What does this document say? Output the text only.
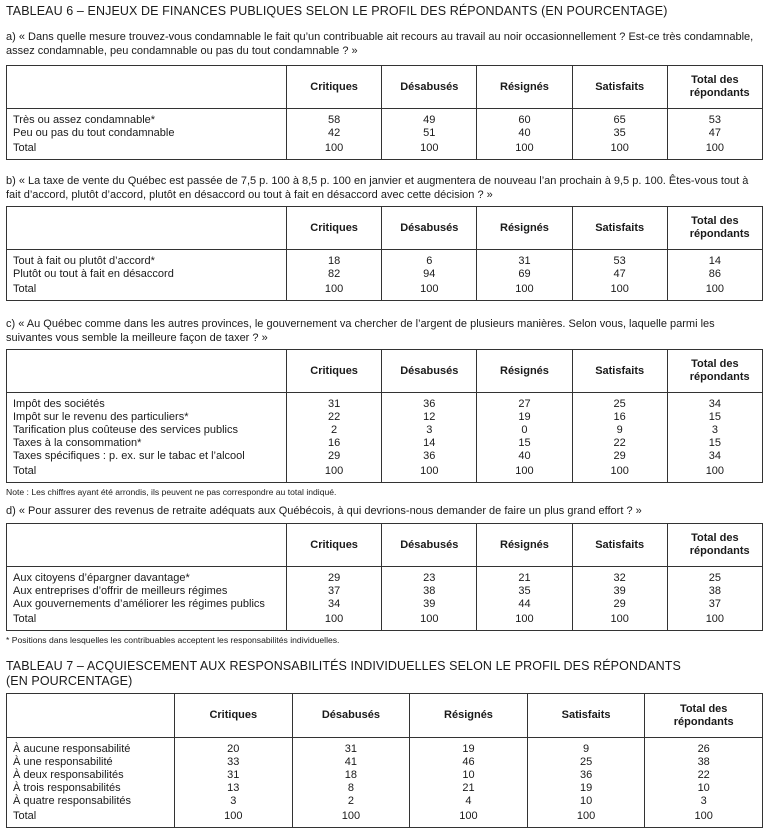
TABLEAU 6 – ENJEUX DE FINANCES PUBLIQUES SELON LE PROFIL DES RÉPONDANTS (EN POURCENTAGE)
a) « Dans quelle mesure trouvez-vous condamnable le fait qu’un contribuable ait recours au travail au noir occasionnellement ? Est-ce très condamnable, assez condamnable, peu condamnable ou pas du tout condamnable ? »
	Critiques	Désabusés	Résignés	Satisfaits	Total des répondants
Très ou assez condamnable*	58	49	60	65	53
Peu ou pas du tout condamnable	42	51	40	35	47
Total	100	100	100	100	100
b) « La taxe de vente du Québec est passée de 7,5 p. 100 à 8,5 p. 100 en janvier et augmentera de nouveau l’an prochain à 9,5 p. 100. Êtes-vous tout à fait d’accord, plutôt d’accord, plutôt en désaccord ou tout à fait en désaccord avec cette décision ? »
	Critiques	Désabusés	Résignés	Satisfaits	Total des répondants
Tout à fait ou plutôt d’accord*	18	6	31	53	14
Plutôt ou tout à fait en désaccord	82	94	69	47	86
Total	100	100	100	100	100
c) « Au Québec comme dans les autres provinces, le gouvernement va chercher de l’argent de plusieurs manières. Selon vous, laquelle parmi les suivantes vous semble la meilleure façon de taxer ? »
	Critiques	Désabusés	Résignés	Satisfaits	Total des répondants
Impôt des sociétés	31	36	27	25	34
Impôt sur le revenu des particuliers*	22	12	19	16	15
Tarification plus coûteuse des services publics	2	3	0	9	3
Taxes à la consommation*	16	14	15	22	15
Taxes spécifiques : p. ex. sur le tabac et l’alcool	29	36	40	29	34
Total	100	100	100	100	100
Note : Les chiffres ayant été arrondis, ils peuvent ne pas correspondre au total indiqué.
d) « Pour assurer des revenus de retraite adéquats aux Québécois, à qui devrions-nous demander de faire un plus grand effort ? »
	Critiques	Désabusés	Résignés	Satisfaits	Total des répondants
Aux citoyens d’épargner davantage*	29	23	21	32	25
Aux entreprises d’offrir de meilleurs régimes	37	38	35	39	38
Aux gouvernements d’améliorer les régimes publics	34	39	44	29	37
Total	100	100	100	100	100
* Positions dans lesquelles les contribuables acceptent les responsabilités individuelles.
TABLEAU 7 – ACQUIESCEMENT AUX RESPONSABILITÉS INDIVIDUELLES SELON LE PROFIL DES RÉPONDANTS
(EN POURCENTAGE)
	Critiques	Désabusés	Résignés	Satisfaits	Total des répondants
À aucune responsabilité	20	31	19	9	26
À une responsabilité	33	41	46	25	38
À deux responsabilités	31	18	10	36	22
À trois responsabilités	13	8	21	19	10
À quatre responsabilités	3	2	4	10	3
Total	100	100	100	100	100
